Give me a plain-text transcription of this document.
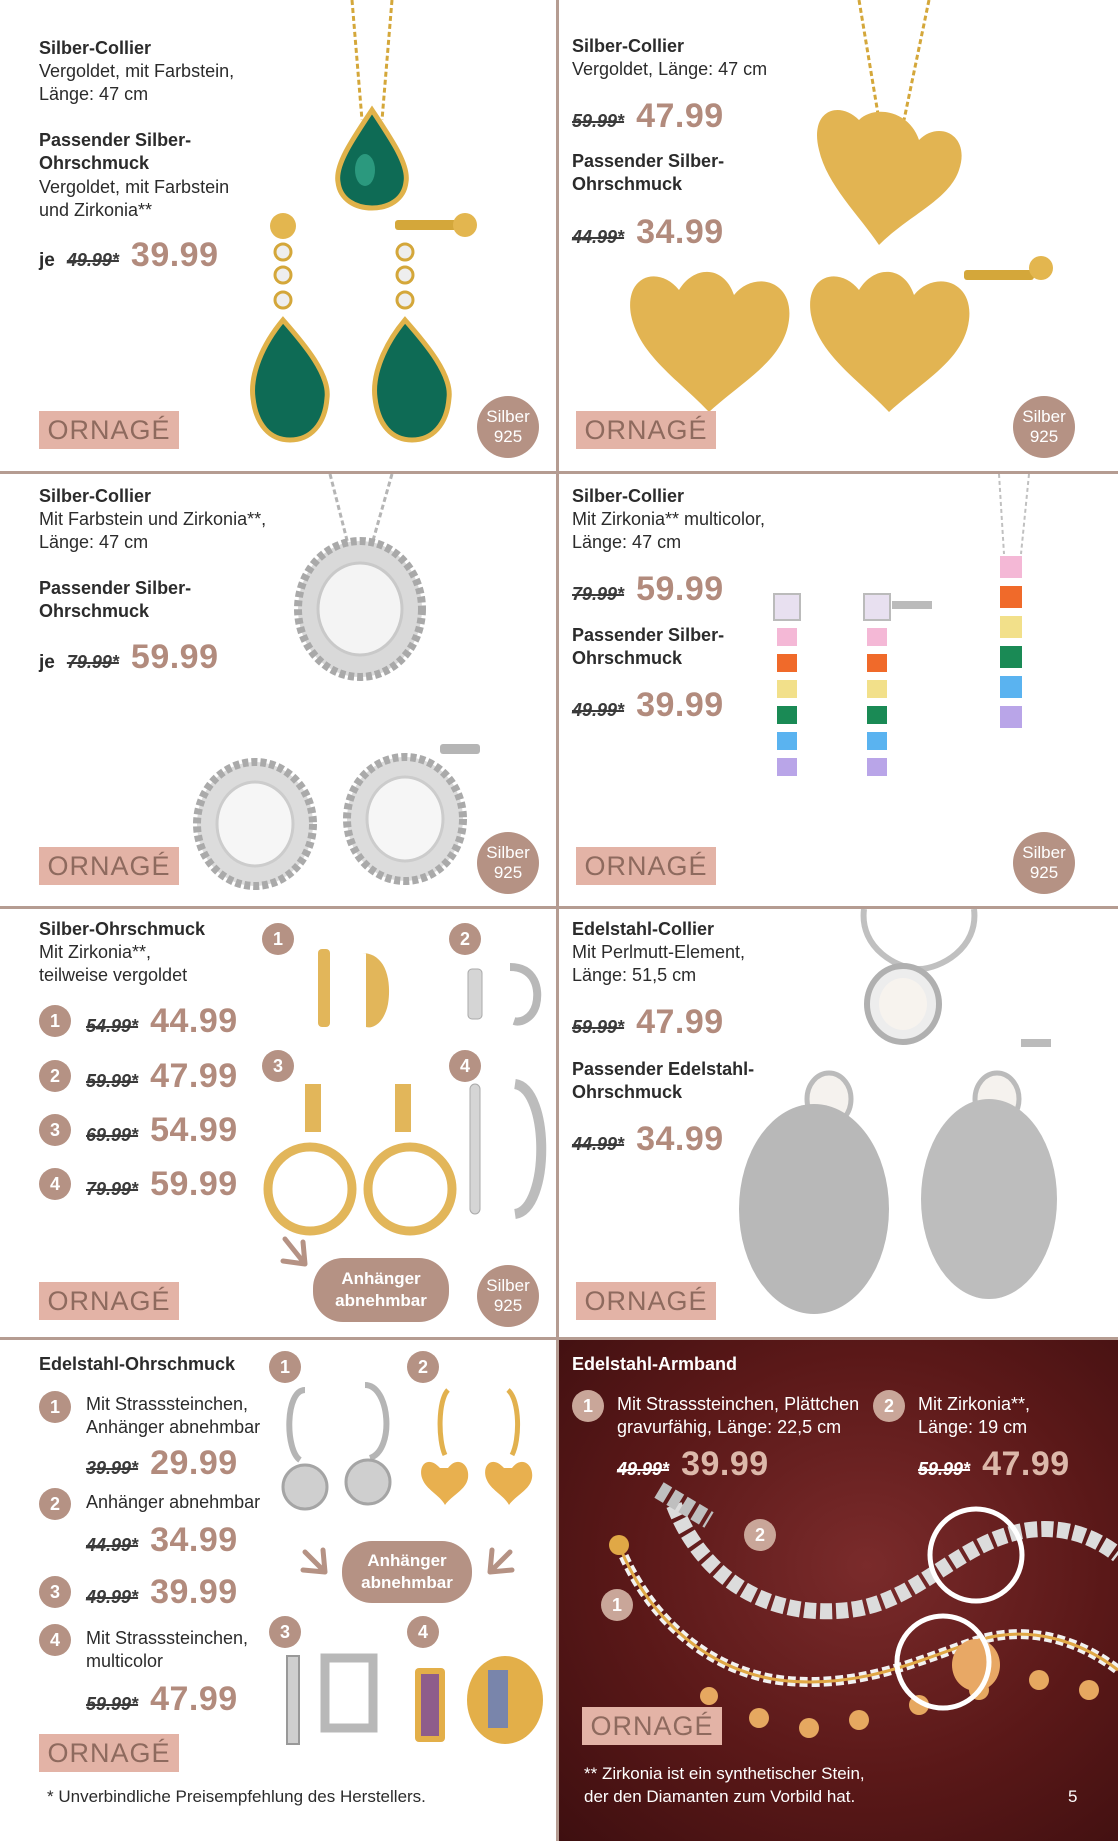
Silber-Collier
Vergoldet, mit Farbstein,
Länge: 47 cm
Passender Silber-
Ohrschmuck
Vergoldet, mit Farbstein
und Zirkonia**
je 49.99* 39.99
ORNAGÉ	Silber
925
Silber-Collier
Vergoldet, Länge: 47 cm
59.99* 47.99
Passender Silber-
Ohrschmuck
44.99* 34.99
ORNAGÉ	Silber
925
Silber-Collier
Mit Farbstein und Zirkonia**,
Länge: 47 cm
Passender Silber-
Ohrschmuck
je 79.99* 59.99
ORNAGÉ	Silber
925
Silber-Collier
Mit Zirkonia** multicolor,
Länge: 47 cm
79.99* 59.99
Passender Silber-
Ohrschmuck
49.99* 39.99
ORNAGÉ	Silber
925
Silber-Ohrschmuck
Mit Zirkonia**,
teilweise vergoldet
1	54.99* 44.99
2	59.99* 47.99
3	69.99* 54.99
4	79.99* 59.99
1	2
3	4
Anhänger
abnehmbar
ORNAGÉ
Silber
925
Edelstahl-Collier
Mit Perlmutt-Element,
Länge: 51,5 cm
59.99* 47.99
Passender Edelstahl-
Ohrschmuck
44.99* 34.99
ORNAGÉ
Edelstahl-Ohrschmuck
1	Mit Strasssteinchen,
Anhänger abnehmbar
39.99* 29.99
2	Anhänger abnehmbar
44.99* 34.99
3	49.99* 39.99
4	Mit Strasssteinchen,
multicolor
59.99* 47.99
1	2
3	4
Anhänger
abnehmbar
ORNAGÉ
* Unverbindliche Preisempfehlung des Herstellers.
Edelstahl-Armband
1	Mit Strasssteinchen, Plättchen
gravurfähig, Länge: 22,5 cm
49.99* 39.99
2	Mit Zirkonia**,
Länge: 19 cm
59.99* 47.99
2
1
ORNAGÉ
** Zirkonia ist ein synthetischer Stein,
der den Diamanten zum Vorbild hat.	5
